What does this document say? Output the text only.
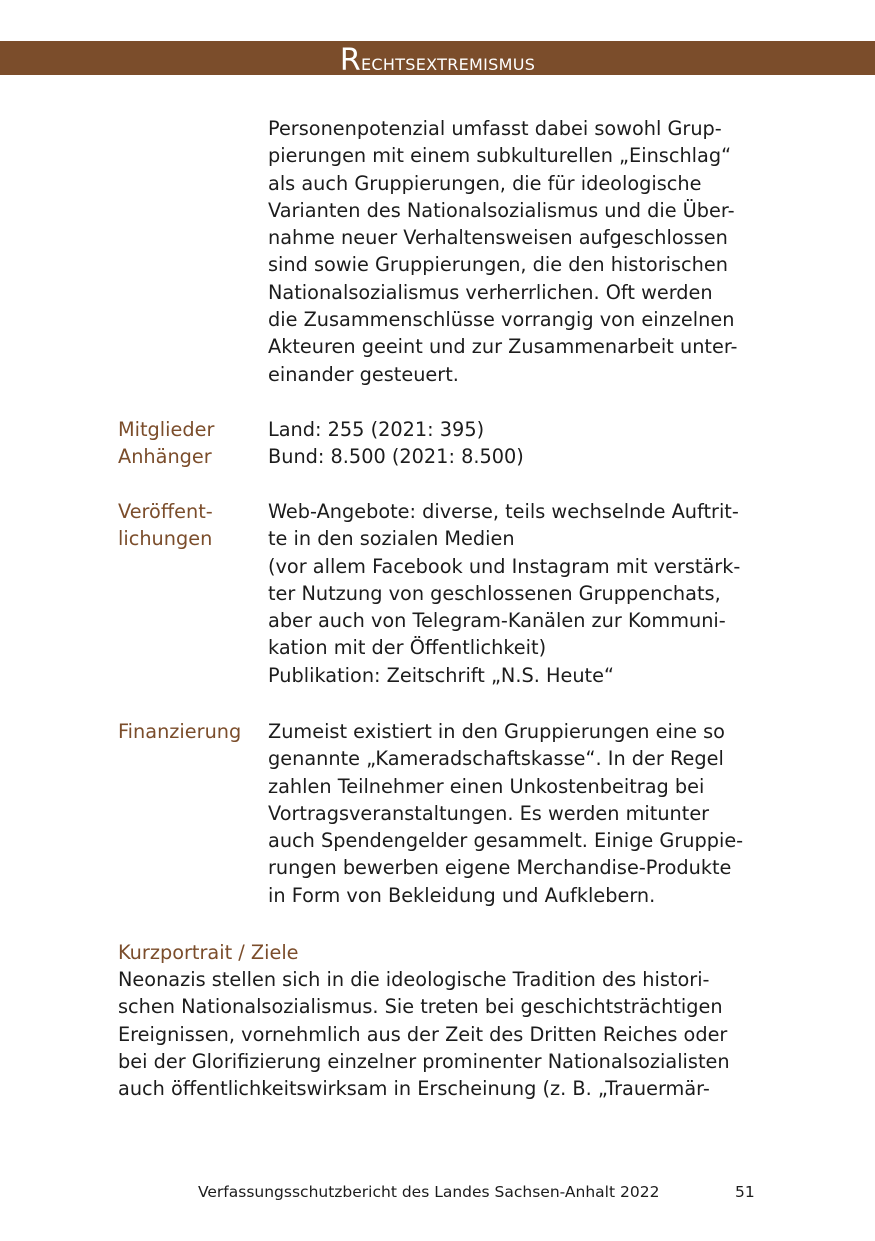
Rechtsextremismus

Personenpotenzial umfasst dabei sowohl Grup-
pierungen mit einem subkulturellen „Einschlag“
als auch Gruppierungen, die für ideologische
Varianten des Nationalsozialismus und die Über-
nahme neuer Verhaltensweisen aufgeschlossen
sind sowie Gruppierungen, die den historischen
Nationalsozialismus verherrlichen. Oft werden
die Zusammenschlüsse vorrangig von einzelnen
Akteuren geeint und zur Zusammenarbeit unter-
einander gesteuert.

Mitglieder
Anhänger

Land: 255 (2021: 395)
Bund: 8.500 (2021: 8.500)

Veröffent-
lichungen

Web-Angebote: diverse, teils wechselnde Auftrit-
te in den sozialen Medien
(vor allem Facebook und Instagram mit verstärk-
ter Nutzung von geschlossenen Gruppenchats,
aber auch von Telegram-Kanälen zur Kommuni-
kation mit der Öffentlichkeit)
Publikation: Zeitschrift „N.S. Heute“

Finanzierung Zumeist existiert in den Gruppierungen eine so
genannte „Kameradschaftskasse“. In der Regel
zahlen Teilnehmer einen Unkostenbeitrag bei
Vortragsveranstaltungen. Es werden mitunter
auch Spendengelder gesammelt. Einige Gruppie-
rungen bewerben eigene Merchandise-Produkte
in Form von Bekleidung und Aufklebern.

Kurzportrait / Ziele

Neonazis stellen sich in die ideologische Tradition des histori-
schen Nationalsozialismus. Sie treten bei geschichtsträchtigen
Ereignissen, vornehmlich aus der Zeit des Dritten Reiches oder
bei der Glorifizierung einzelner prominenter Nationalsozialisten
auch öffentlichkeitswirksam in Erscheinung (z. B. „Trauermär-

Verfassungsschutzbericht des Landes Sachsen-Anhalt 2022	51
